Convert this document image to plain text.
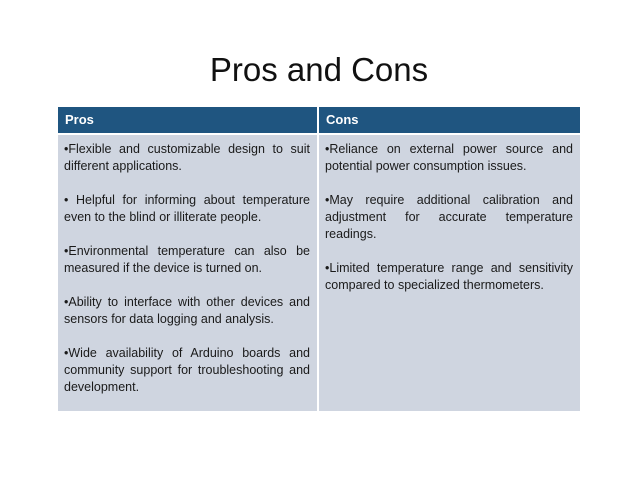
Pros and Cons
Pros	Cons

•Flexible and customizable design to suit different applications.

• Helpful for informing about temperature even to the blind or illiterate people.

•Environmental temperature can also be measured if the device is turned on.

•Ability to interface with other devices and sensors for data logging and analysis.

•Wide availability of Arduino boards and community support for troubleshooting and development.

•Reliance on external power source and potential power consumption issues.

•May require additional calibration and adjustment for accurate temperature readings.

•Limited temperature range and sensitivity compared to specialized thermometers.
